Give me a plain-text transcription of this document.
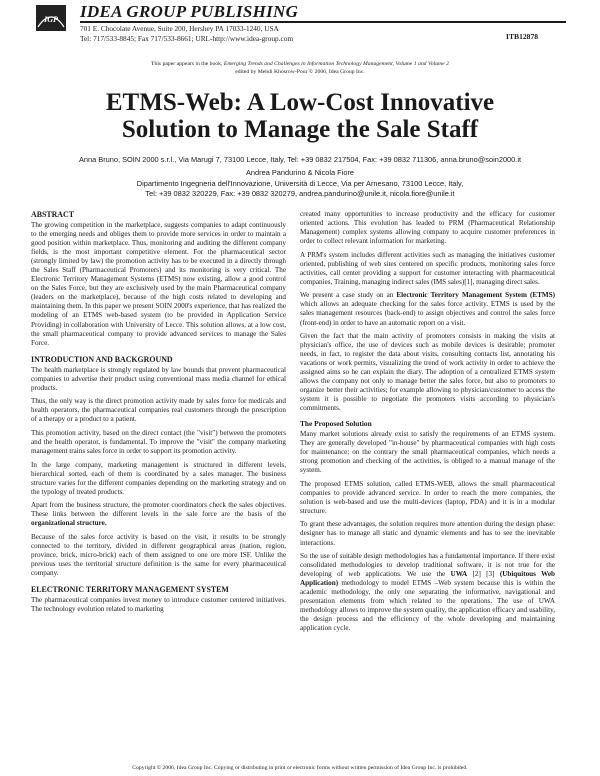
IGP IDEA GROUP PUBLISHING
701 E. Chocolate Avenue, Suite 200, Hershey PA 17033-1240, USA
Tel: 717/533-8845; Fax 717/533-8661; URL-http://www.idea-group.com	ITB12878
This paper appears in the book, Emerging Trends and Challenges in Information Technology Management, Volume 1 and Volume 2
edited by Mehdi Khosrow-Pour © 2006, Idea Group Inc.
ETMS-Web: A Low-Cost Innovative
Solution to Manage the Sale Staff
Anna Bruno, SOIN 2000 s.r.l., Via Marugi 7, 73100 Lecce, Italy, Tel: +39 0832 217504, Fax: +39 0832 711306, anna.bruno@soin2000.it
Andrea Pandurino & Nicola Fiore
Dipartimento Ingegneria dell'Innovazione, Università di Lecce, Via per Arnesano, 73100 Lecce, Italy,
Tel: +39 0832 320229, Fax: +39 0832 320279, andrea.pandurino@unile.it, nicola.fiore@unile.it
ABSTRACT

The growing competition in the marketplace, suggests companies to adapt continuously to the emerging needs and obliges them to provide more services in order to maintain a good position within marketplace. Thus, monitoring and auditing the different company fields, is the most important competitive element. For the pharmaceutical sector (strongly limited by law) the promotion activity has to be executed in a directly through the Sales Staff (Pharmaceutical Promoters) and its monitoring is very critical. The Electronic Territory Management Systems (ETMS) now existing, allow a good control on the Sales Force, but they are exclusively used by the main Pharmaceutical company (leaders on the marketplace), because of the high costs related to developing and maintaining them. In this paper we present SOIN 2000's experience, that has realized the modeling of an ETMS web-based system (to be provided in Application Service Providing) in collaboration with University of Lecce. This solution allows, at a low cost, the small pharmaceutical company to provide advanced services to manage the Sales Force.

INTRODUCTION AND BACKGROUND

The health marketplace is strongly regulated by law bounds that prevent pharmaceutical companies to advertise their product using conventional mass media channel for ethical products.

Thus, the only way is the direct promotion activity made by sales force for medicals and health operators, the pharmaceutical companies real customers through the prescription of a therapy or a product to a patient.

This promotion activity, based on the direct contact (the "visit") between the promoters and the health operator, is fundamental. To improve the "visit" the company marketing management trains sales force in order to support its promotion activity.

In the large company, marketing management is structured in different levels, hierarchical sorted, each of them is coordinated by a sales manager. The business structure varies for the different companies depending on the marketing strategy and on the typology of treated products.

Apart from the business structure, the promoter coordinators check the sales objectives. These links between the different levels in the sale force are the basis of the organizational structure.

Because of the sales force activity is based on the visit, it results to be strongly connected to the territory, divided in different geographical areas (nation, region, province, brick, micro-brick) each of them assigned to one ore more ISF. Unlike the previous uses the territorial structure definition is the same for every pharmaceutical company.

ELECTRONIC TERRITORY MANAGEMENT SYSTEM

The pharmaceutical companies invest money to introduce customer centered initiatives. The technology evolution related to marketing

created many opportunities to increase productivity and the efficacy for customer oriented actions. This evolution has leaded to PRM (Pharmaceutical Relationship Management) complex systems allowing company to acquire customer preferences in order to collect relevant information for marketing.

A PRM's system includes different activities such as managing the initiatives customer oriented, publishing of web sites centered on specific products, monitoring sales force activities, call center providing a support for customer interacting with pharmaceutical companies, Training, managing indirect sales (IMS sales)[1], managing direct sales.

We present a case study on an Electronic Territory Management System (ETMS) which allows an adequate checking for the sales force activity. ETMS is used by the sales management resources (back-end) to assign objectives and control the sales force (front-end) in order to have an automatic report on a visit.

Given the fact that the main activity of promoters consists in making the visits at physician's office, the use of devices such as mobile devices is desirable; promoter needs, in fact, to register the data about visits, consulting contacts list, annotating his vacations or work permits, visualizing the trend of work activity in order to achieve the assigned aims so he can explain the diary. The adoption of a centralized ETMS system allows the company not only to manage better the sales force, but also to promoters to organize better their activities; for example allowing to physician/customer to access the system it is possible to negotiate the promoters visits according to physician's commitments.

The Proposed Solution

Many market solutions already exist to satisfy the requirements of an ETMS system. They are generally developed "in-house" by pharmaceutical companies with high costs for maintenance; on the contrary the small pharmaceutical companies, which needs a strong promotion and checking of the activities, is obliged to a manual manage of the system.

The proposed ETMS solution, called ETMS-WEB, allows the small pharmaceutical companies to provide advanced service. In order to reach the more companies, the solution is web-based and use the multi-devices (laptop, PDA) and it is in a modular structure.

To grant these advantages, the solution requires more attention during the design phase: designer has to manage all static and dynamic elements and has to see the inevitable interactions.

So the use of suitable design methodologies has a fundamental importance. If there exist consolidated methodologies to develop traditional software, it is not true for the developing of web applications. We use the UWA [2] [3] (Ubiquitous Web Application) methodology to model ETMS –Web system because this is within the academic methodology, the only one separating the informative, navigational and presentation elements from which related to the operations. The use of UWA methodology allows to improve the system quality, the application efficacy and usability, the design process and the efficiency of the whole developing and maintaining application cycle.

Copyright © 2006, Idea Group Inc. Copying or distributing in print or electronic forms without written permission of Idea Group Inc. is prohibited.
